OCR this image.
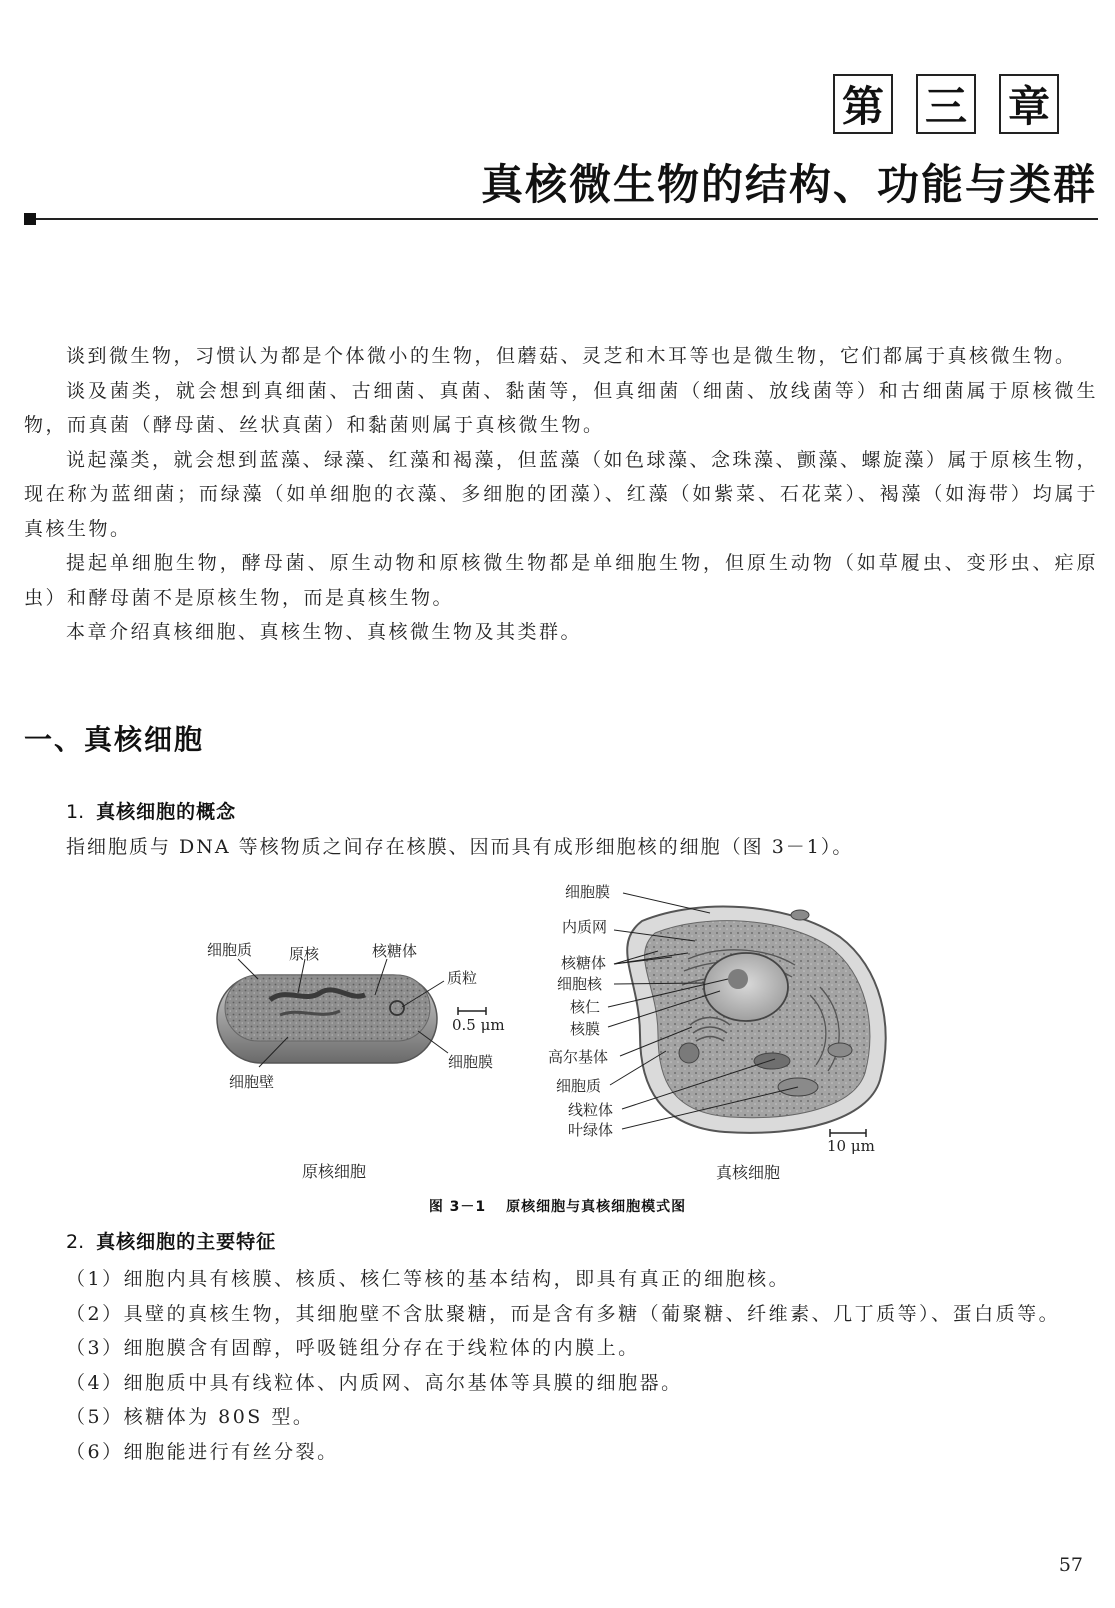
第 三 章
真核微生物的结构、功能与类群

谈到微生物，习惯认为都是个体微小的生物，但蘑菇、灵芝和木耳等也是微生物，它们都属于真核微生物。

谈及菌类，就会想到真细菌、古细菌、真菌、黏菌等，但真细菌（细菌、放线菌等）和古细菌属于原核微生物，而真菌（酵母菌、丝状真菌）和黏菌则属于真核微生物。

说起藻类，就会想到蓝藻、绿藻、红藻和褐藻，但蓝藻（如色球藻、念珠藻、颤藻、螺旋藻）属于原核生物，现在称为蓝细菌；而绿藻（如单细胞的衣藻、多细胞的团藻）、红藻（如紫菜、石花菜）、褐藻（如海带）均属于真核生物。

提起单细胞生物，酵母菌、原生动物和原核微生物都是单细胞生物，但原生动物（如草履虫、变形虫、疟原虫）和酵母菌不是原核生物，而是真核生物。

本章介绍真核细胞、真核生物、真核微生物及其类群。

一、真核细胞
1. 真核细胞的概念

指细胞质与 DNA 等核物质之间存在核膜、因而具有成形细胞核的细胞（图 3－1）。

细胞质 原核	核糖体
质粒
细胞膜
细胞壁
0.5 μm
原核细胞
细胞膜
内质网
核糖体
细胞核
核仁
核膜
高尔基体
细胞质
线粒体
叶绿体
10 μm
真核细胞

图 3－1 原核细胞与真核细胞模式图

2. 真核细胞的主要特征

（1）细胞内具有核膜、核质、核仁等核的基本结构，即具有真正的细胞核。

（2）具壁的真核生物，其细胞壁不含肽聚糖，而是含有多糖（葡聚糖、纤维素、几丁质等）、蛋白质等。

（3）细胞膜含有固醇，呼吸链组分存在于线粒体的内膜上。

（4）细胞质中具有线粒体、内质网、高尔基体等具膜的细胞器。

（5）核糖体为 80S 型。

（6）细胞能进行有丝分裂。

57
